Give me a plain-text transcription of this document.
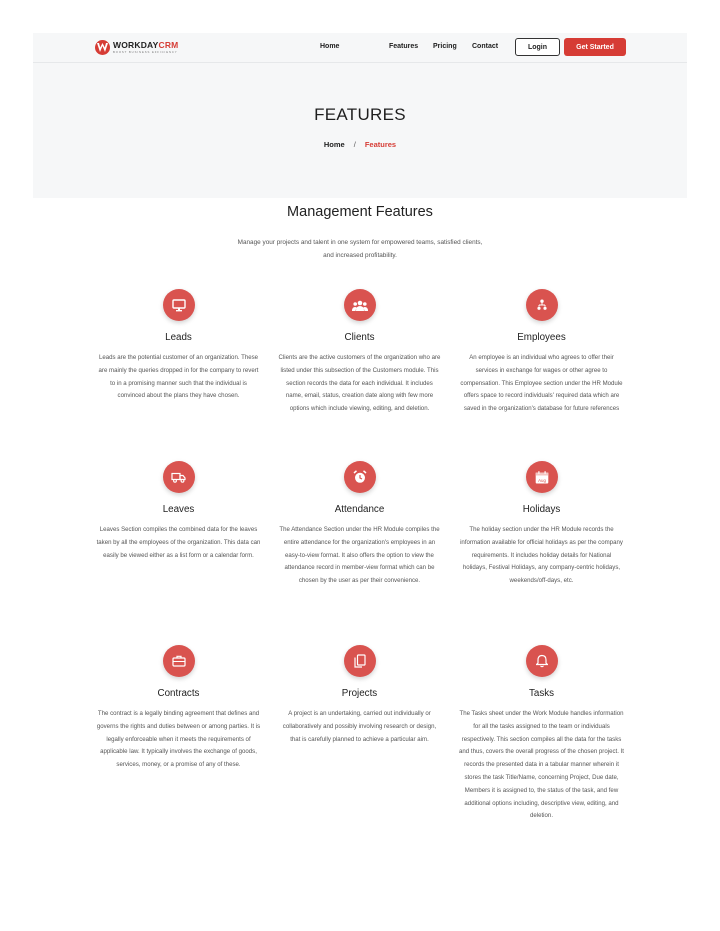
WORKDAYCRM
BOOST BUSINESS EFFICIENCY
Home	Features Pricing Contact	Login	Get Started
FEATURES
Home / Features
Management Features
Manage your projects and talent in one system for empowered teams, satisfied clients, and increased profitability.
Leads
Leads are the potential customer of an organization. These are mainly the queries dropped in for the company to revert to in a promising manner such that the individual is convinced about the plans they have chosen.
Clients
Clients are the active customers of the organization who are listed under this subsection of the Customers module. This section records the data for each individual. It includes name, email, status, creation date along with few more options which include viewing, editing, and deletion.
Employees
An employee is an individual who agrees to offer their services in exchange for wages or other agree to compensation. This Employee section under the HR Module offers space to record individuals' required data which are saved in the organization's database for future references
Leaves
Leaves Section compiles the combined data for the leaves taken by all the employees of the organization. This data can easily be viewed either as a list form or a calendar form.
Attendance
The Attendance Section under the HR Module compiles the entire attendance for the organization's employees in an easy-to-view format. It also offers the option to view the attendance record in member-view format which can be chosen by the user as per their convenience.
Aug
Holidays
The holiday section under the HR Module records the information available for official holidays as per the company requirements. It includes holiday details for National holidays, Festival Holidays, any company-centric holidays, weekends/off-days, etc.
Contracts
The contract is a legally binding agreement that defines and governs the rights and duties between or among parties. It is legally enforceable when it meets the requirements of applicable law. It typically involves the exchange of goods, services, money, or a promise of any of these.
Projects
A project is an undertaking, carried out individually or collaboratively and possibly involving research or design, that is carefully planned to achieve a particular aim.
Tasks
The Tasks sheet under the Work Module handles information for all the tasks assigned to the team or individuals respectively. This section compiles all the data for the tasks and thus, covers the overall progress of the chosen project. It records the presented data in a tabular manner wherein it stores the task Title/Name, concerning Project, Due date, Members it is assigned to, the status of the task, and few additional options including, descriptive view, editing, and deletion.
